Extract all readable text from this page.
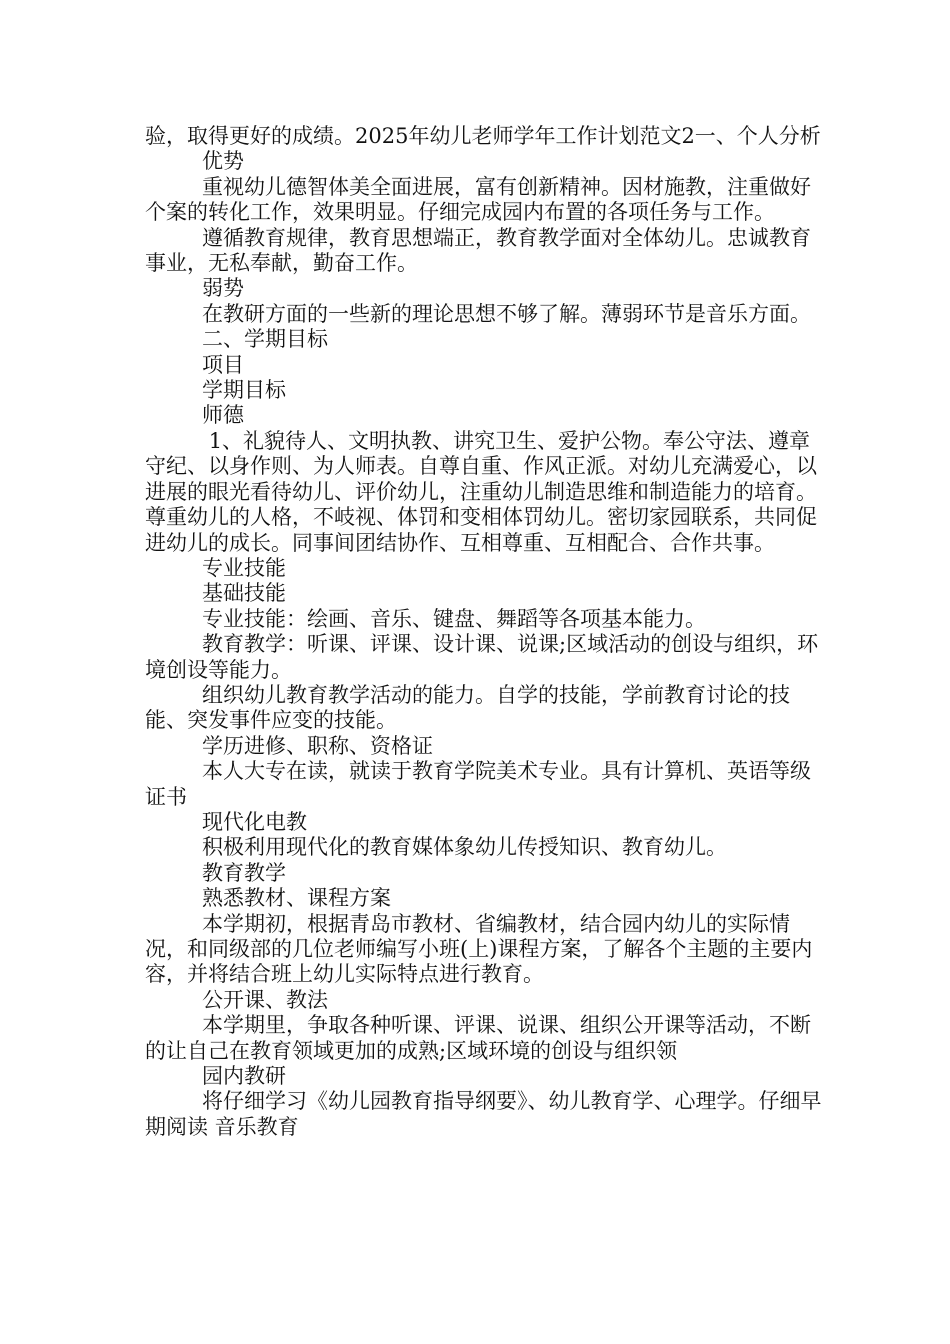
验，取得更好的成绩。2025年幼儿老师学年工作计划范文2一、个人分析

优势

重视幼儿德智体美全面进展，富有创新精神。因材施教，注重做好个案的转化工作，效果明显。仔细完成园内布置的各项任务与工作。

遵循教育规律，教育思想端正，教育教学面对全体幼儿。忠诚教育事业，无私奉献，勤奋工作。

弱势

在教研方面的一些新的理论思想不够了解。薄弱环节是音乐方面。

二、学期目标

项目

学期目标

师德

1、礼貌待人、文明执教、讲究卫生、爱护公物。奉公守法、遵章守纪、以身作则、为人师表。自尊自重、作风正派。对幼儿充满爱心，以进展的眼光看待幼儿、评价幼儿，注重幼儿制造思维和制造能力的培育。尊重幼儿的人格，不岐视、体罚和变相体罚幼儿。密切家园联系，共同促进幼儿的成长。同事间团结协作、互相尊重、互相配合、合作共事。

专业技能

基础技能

专业技能：绘画、音乐、键盘、舞蹈等各项基本能力。

教育教学：听课、评课、设计课、说课;区域活动的创设与组织，环境创设等能力。

组织幼儿教育教学活动的能力。自学的技能，学前教育讨论的技能、突发事件应变的技能。

学历进修、职称、资格证

本人大专在读，就读于教育学院美术专业。具有计算机、英语等级证书

现代化电教

积极利用现代化的教育媒体象幼儿传授知识、教育幼儿。

教育教学

熟悉教材、课程方案

本学期初，根据青岛市教材、省编教材，结合园内幼儿的实际情况，和同级部的几位老师编写小班(上)课程方案，了解各个主题的主要内容，并将结合班上幼儿实际特点进行教育。

公开课、教法

本学期里，争取各种听课、评课、说课、组织公开课等活动，不断的让自己在教育领域更加的成熟;区域环境的创设与组织领

园内教研

将仔细学习《幼儿园教育指导纲要》、幼儿教育学、心理学。仔细早期阅读 音乐教育
